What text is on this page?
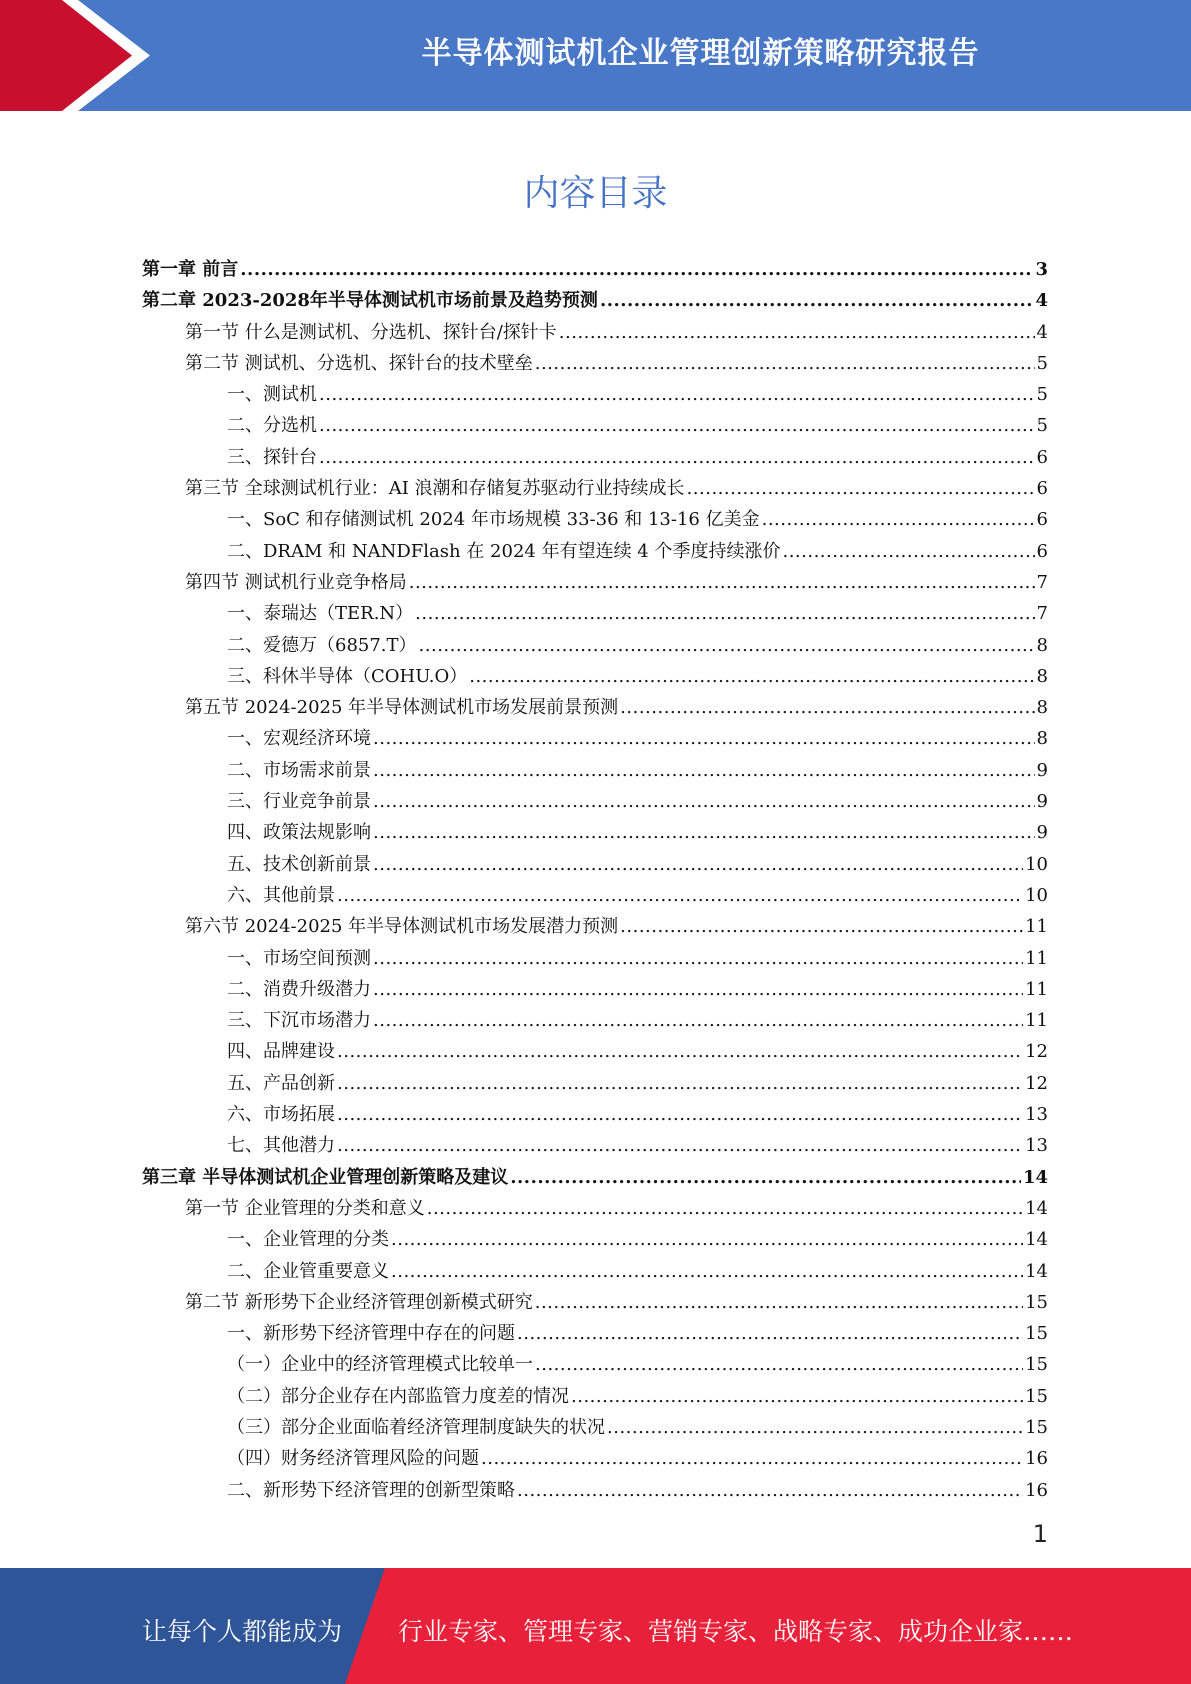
半导体测试机企业管理创新策略研究报告
内容目录
第一章 前言 .....	3
第二章 2023-2028年半导体测试机市场前景及趋势预测 .....	4
第一节 什么是测试机、分选机、探针台/探针卡 .....	4
第二节 测试机、分选机、探针台的技术壁垒 .....	5
一、测试机 .....	5
二、分选机 .....	5
三、探针台 .....	6
第三节 全球测试机行业：AI 浪潮和存储复苏驱动行业持续成长 .....	6
一、SoC 和存储测试机 2024 年市场规模 33-36 和 13-16 亿美金 .....	6
二、DRAM 和 NANDFlash 在 2024 年有望连续 4 个季度持续涨价 .....	6
第四节 测试机行业竞争格局 .....	7
一、泰瑞达（TER.N） .....	7
二、爱德万（6857.T） .....	8
三、科休半导体（COHU.O） .....	8
第五节 2024-2025 年半导体测试机市场发展前景预测 .....	8
一、宏观经济环境 .....	8
二、市场需求前景 .....	9
三、行业竞争前景 .....	9
四、政策法规影响 .....	9
五、技术创新前景 .....	10
六、其他前景 .....	10
第六节 2024-2025 年半导体测试机市场发展潜力预测 .....	11
一、市场空间预测 .....	11
二、消费升级潜力 .....	11
三、下沉市场潜力 .....	11
四、品牌建设 .....	12
五、产品创新 .....	12
六、市场拓展 .....	13
七、其他潜力 .....	13
第三章 半导体测试机企业管理创新策略及建议 .....	14
第一节 企业管理的分类和意义 .....	14
一、企业管理的分类 .....	14
二、企业管重要意义 .....	14
第二节 新形势下企业经济管理创新模式研究 .....	15
一、新形势下经济管理中存在的问题 .....	15
（一）企业中的经济管理模式比较单一 .....	15
（二）部分企业存在内部监管力度差的情况 .....	15
（三）部分企业面临着经济管理制度缺失的状况 .....	15
（四）财务经济管理风险的问题 .....	16
二、新形势下经济管理的创新型策略 .....	16
1
让每个人都能成为 行业专家、管理专家、营销专家、战略专家、成功企业家……
